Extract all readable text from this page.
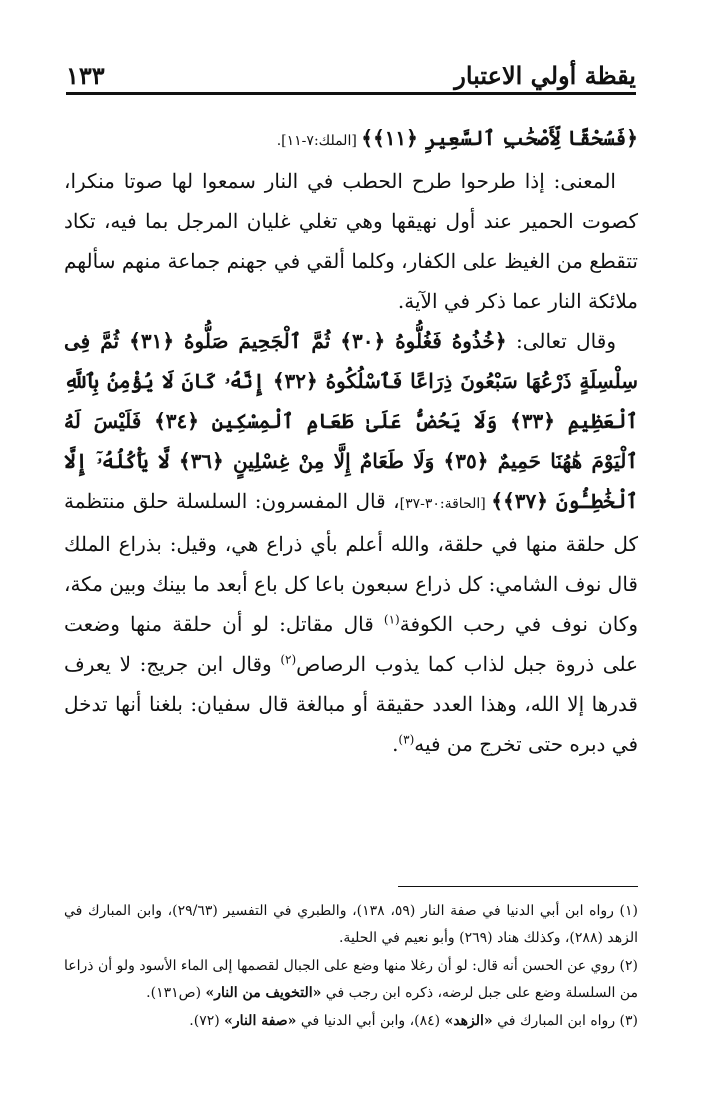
يقظة أولي الاعتبار
١٣٣

﴿فَسُحْقًا لِّأَصْحَٰبِ ٱلسَّعِيرِ ﴿١١﴾﴾ [الملك:٧-١١].

المعنى: إذا طرحوا طرح الحطب في النار سمعوا لها صوتا منكرا، كصوت الحمير عند أول نهيقها وهي تغلي غليان المرجل بما فيه، تكاد تتقطع من الغيظ على الكفار، وكلما ألقي في جهنم جماعة منهم سألهم ملائكة النار عما ذكر في الآية.

وقال تعالى: ﴿خُذُوهُ فَغُلُّوهُ ﴿٣٠﴾ ثُمَّ ٱلْجَحِيمَ صَلُّوهُ ﴿٣١﴾ ثُمَّ فِى سِلْسِلَةٍ ذَرْعُهَا سَبْعُونَ ذِرَاعًا فَٱسْلُكُوهُ ﴿٣٢﴾ إِنَّهُۥ كَانَ لَا يُؤْمِنُ بِٱللَّهِ ٱلْعَظِيمِ ﴿٣٣﴾ وَلَا يَحُضُّ عَلَىٰ طَعَامِ ٱلْمِسْكِينِ ﴿٣٤﴾ فَلَيْسَ لَهُ ٱلْيَوْمَ هَٰهُنَا حَمِيمٌ ﴿٣٥﴾ وَلَا طَعَامٌ إِلَّا مِنْ غِسْلِينٍ ﴿٣٦﴾ لَّا يَأْكُلُهُۥٓ إِلَّا ٱلْخَٰطِـُٔونَ ﴿٣٧﴾﴾ [الحاقة:٣٠-٣٧]، قال المفسرون: السلسلة حلق منتظمة كل حلقة منها في حلقة، والله أعلم بأي ذراع هي، وقيل: بذراع الملك قال نوف الشامي: كل ذراع سبعون باعا كل باع أبعد ما بينك وبين مكة، وكان نوف في رحب الكوفة$^{(١)}$ قال مقاتل: لو أن حلقة منها وضعت على ذروة جبل لذاب كما يذوب الرصاص$^{(٢)}$ وقال ابن جريج: لا يعرف قدرها إلا الله، وهذا العدد حقيقة أو مبالغة قال سفيان: بلغنا أنها تدخل في دبره حتى تخرج من فيه$^{(٣)}$.

(١) رواه ابن أبي الدنيا في صفة النار (٥٩، ١٣٨)، والطبري في التفسير (٢٩/٦٣)، وابن المبارك في الزهد (٢٨٨)، وكذلك هناد (٢٦٩) وأبو نعيم في الحلية.

(٢) روي عن الحسن أنه قال: لو أن رغلا منها وضع على الجبال لقصمها إلى الماء الأسود ولو أن ذراعا من السلسلة وضع على جبل لرضه، ذكره ابن رجب في «التخويف من النار» (ص١٣١).

(٣) رواه ابن المبارك في «الزهد» (٨٤)، وابن أبي الدنيا في «صفة النار» (٧٢).
